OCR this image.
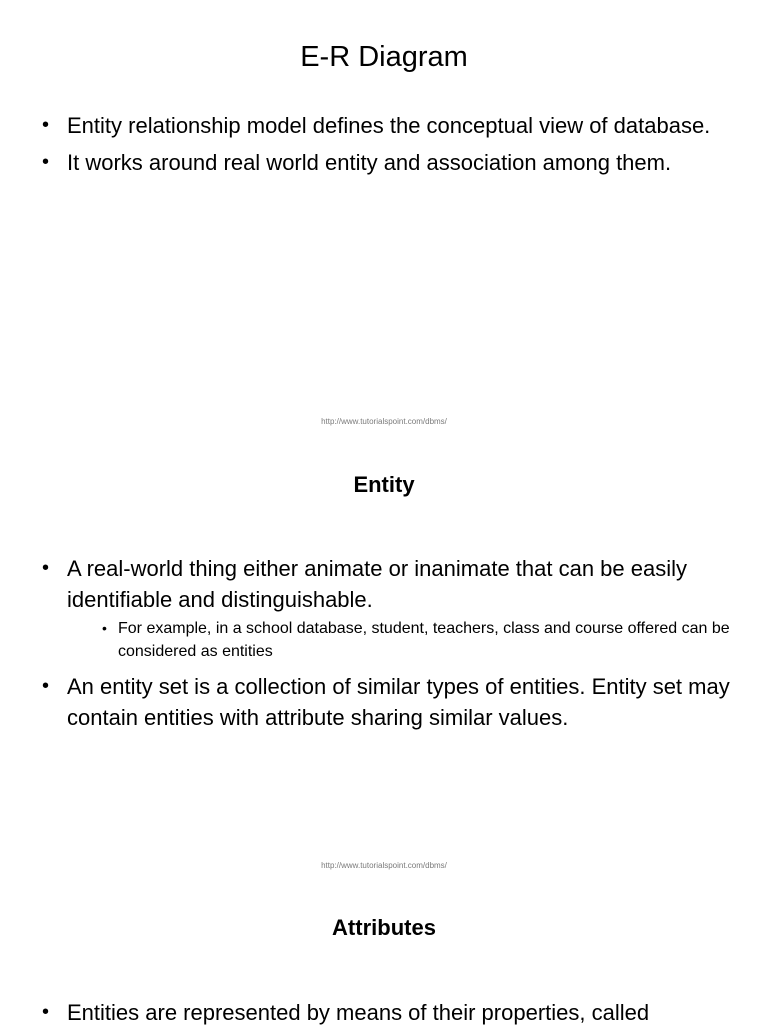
E-R Diagram
• Entity relationship model defines the conceptual view of database.
• It works around real world entity and association among them.
http://www.tutorialspoint.com/dbms/
Entity
• A real-world thing either animate or inanimate that can be easily identifiable and distinguishable.
• For example, in a school database, student, teachers, class and course offered can be considered as entities
• An entity set is a collection of similar types of entities. Entity set may contain entities with attribute sharing similar values.
http://www.tutorialspoint.com/dbms/
Attributes
• Entities are represented by means of their properties, called
